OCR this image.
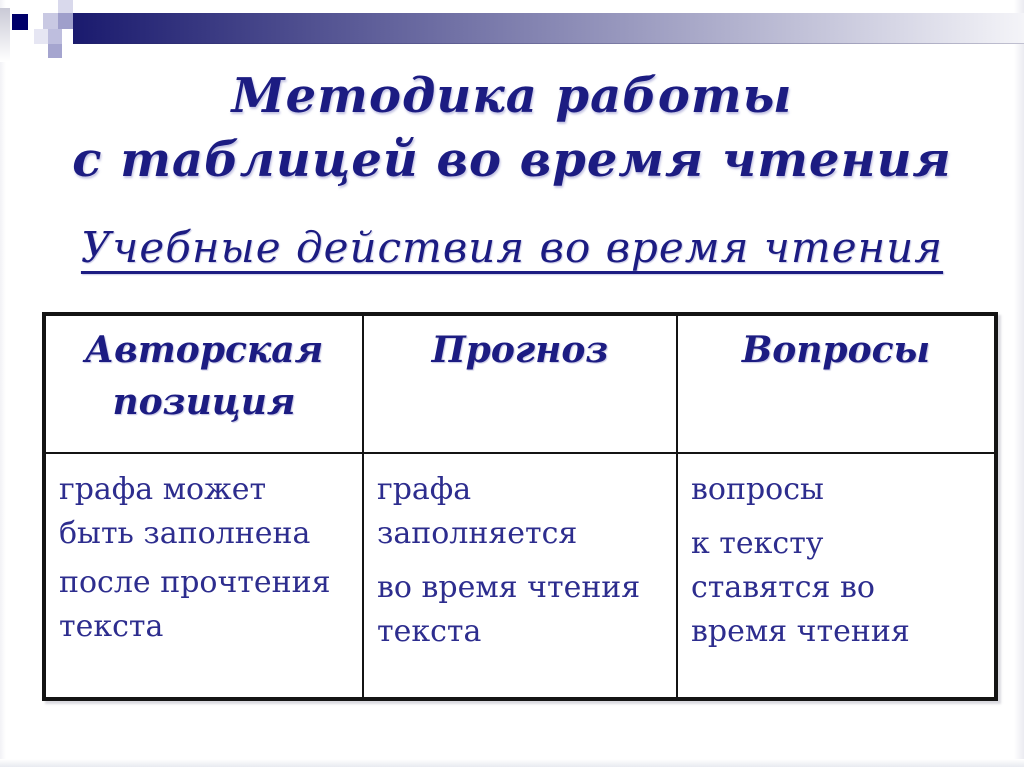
Методика работы
с таблицей во время чтения
Учебные действия во время чтения
Авторская позиция
Прогноз	Вопросы
графа может
быть заполнена
после прочтения
текста
графа
заполняется
во время чтения
текста
вопросы
к тексту
ставятся во
время чтения
